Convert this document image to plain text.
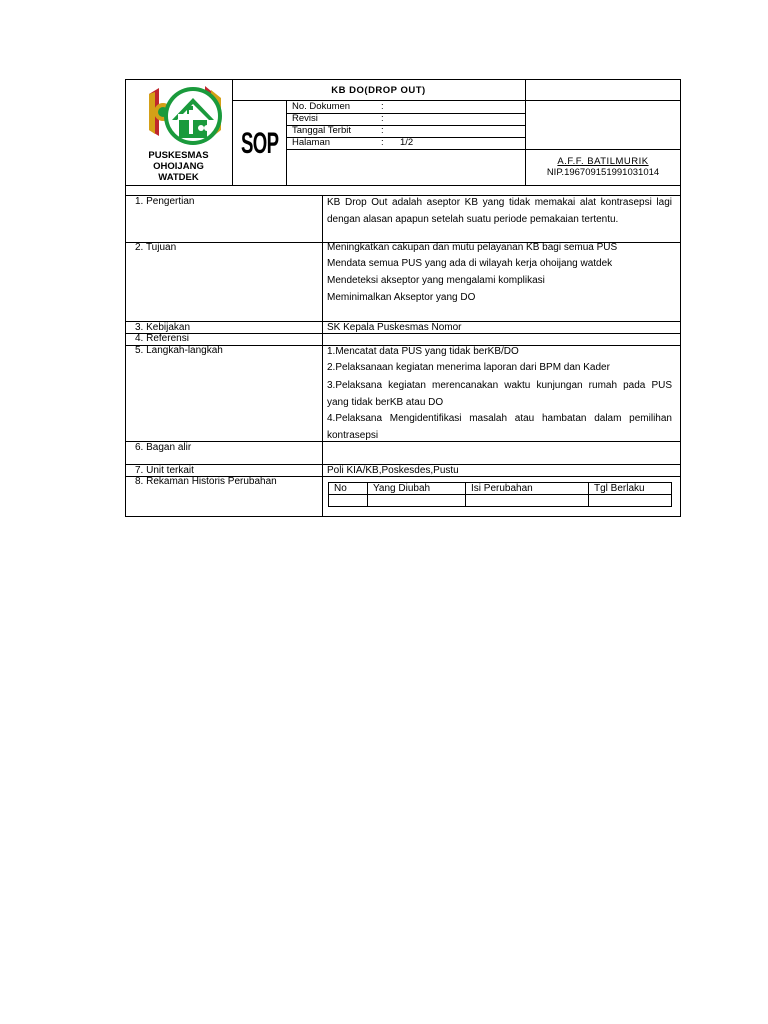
PUSKESMAS
OHOIJANG
WATDEK
KB DO(DROP OUT)
SOP
No. Dokumen	:
Revisi	:
Tanggal Terbit	:
Halaman	: 1/2
A.F.F. BATILMURIK
NIP.196709151991031014
1. Pengertian	KB Drop Out adalah aseptor KB yang tidak memakai alat kontrasepsi lagi dengan alasan apapun setelah suatu periode pemakaian tertentu.
2. Tujuan	Meningkatkan cakupan dan mutu pelayanan KB bagi semua PUS
Mendata semua PUS yang ada di wilayah kerja ohoijang watdek
Mendeteksi akseptor yang mengalami komplikasi
Meminimalkan Akseptor yang DO
3. Kebijakan	SK Kepala Puskesmas Nomor
4. Referensi
5. Langkah-langkah	1.Mencatat data PUS yang tidak berKB/DO
2.Pelaksanaan kegiatan menerima laporan dari BPM dan Kader
3.Pelaksana kegiatan merencanakan waktu kunjungan rumah pada PUS yang tidak berKB atau DO
4.Pelaksana Mengidentifikasi masalah atau hambatan dalam pemilihan kontrasepsi
6. Bagan alir
7. Unit terkait	Poli KIA/KB,Poskesdes,Pustu
8. Rekaman Historis Perubahan
No	Yang Diubah	Isi Perubahan	Tgl Berlaku
